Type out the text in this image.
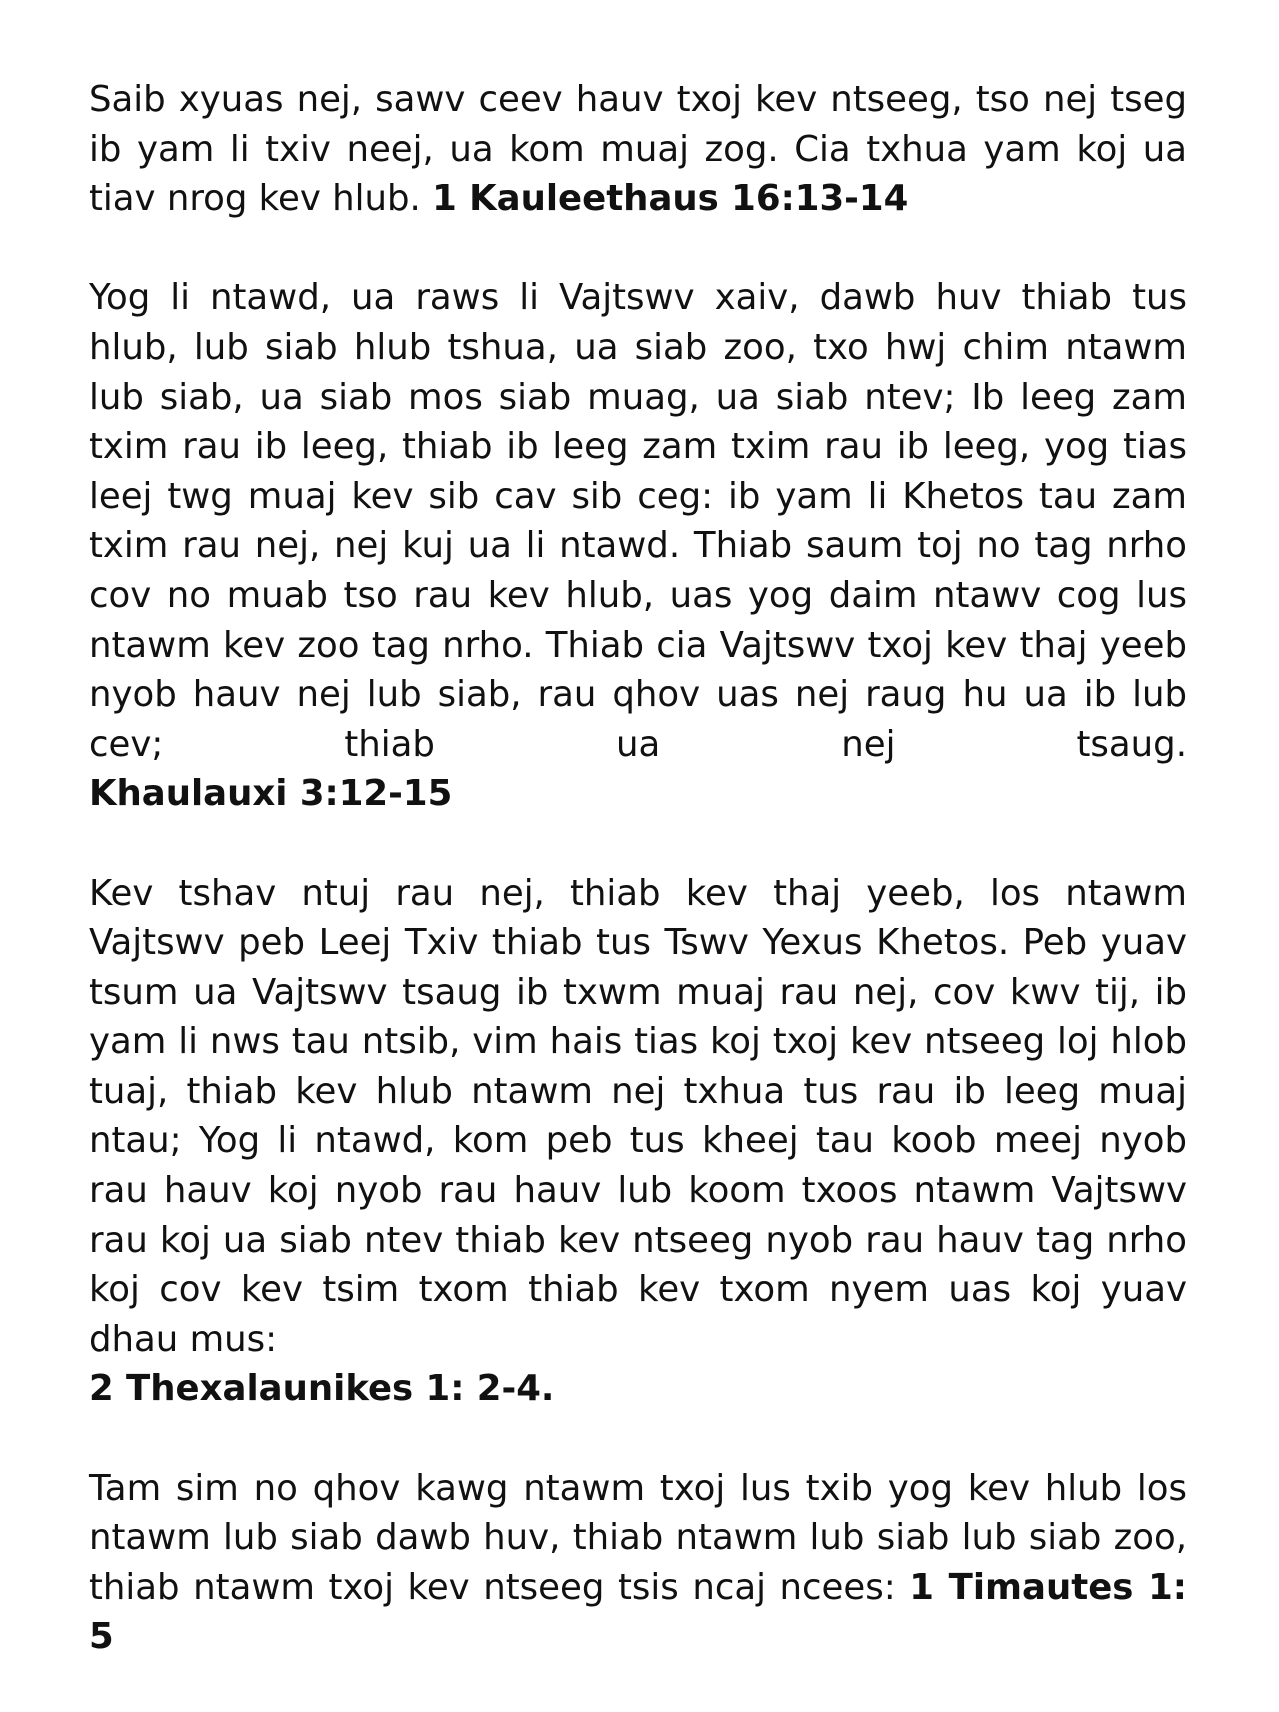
Saib xyuas nej, sawv ceev hauv txoj kev ntseeg, tso nej tseg ib yam li txiv neej, ua kom muaj zog. Cia txhua yam koj ua tiav nrog kev hlub. 1 Kauleethaus 16:13-14

Yog li ntawd, ua raws li Vajtswv xaiv, dawb huv thiab tus hlub, lub siab hlub tshua, ua siab zoo, txo hwj chim ntawm lub siab, ua siab mos siab muag, ua siab ntev; Ib leeg zam txim rau ib leeg, thiab ib leeg zam txim rau ib leeg, yog tias leej twg muaj kev sib cav sib ceg: ib yam li Khetos tau zam txim rau nej, nej kuj ua li ntawd. Thiab saum toj no tag nrho cov no muab tso rau kev hlub, uas yog daim ntawv cog lus ntawm kev zoo tag nrho. Thiab cia Vajtswv txoj kev thaj yeeb nyob hauv nej lub siab, rau qhov uas nej raug hu ua ib lub cev; thiab ua nej tsaug.
Khaulauxi 3:12-15

Kev tshav ntuj rau nej, thiab kev thaj yeeb, los ntawm Vajtswv peb Leej Txiv thiab tus Tswv Yexus Khetos. Peb yuav tsum ua Vajtswv tsaug ib txwm muaj rau nej, cov kwv tij, ib yam li nws tau ntsib, vim hais tias koj txoj kev ntseeg loj hlob tuaj, thiab kev hlub ntawm nej txhua tus rau ib leeg muaj ntau; Yog li ntawd, kom peb tus kheej tau koob meej nyob rau hauv koj nyob rau hauv lub koom txoos ntawm Vajtswv rau koj ua siab ntev thiab kev ntseeg nyob rau hauv tag nrho koj cov kev tsim txom thiab kev txom nyem uas koj yuav dhau mus:
2 Thexalaunikes 1: 2-4.

Tam sim no qhov kawg ntawm txoj lus txib yog kev hlub los ntawm lub siab dawb huv, thiab ntawm lub siab lub siab zoo, thiab ntawm txoj kev ntseeg tsis ncaj ncees: 1 Timautes 1: 5
